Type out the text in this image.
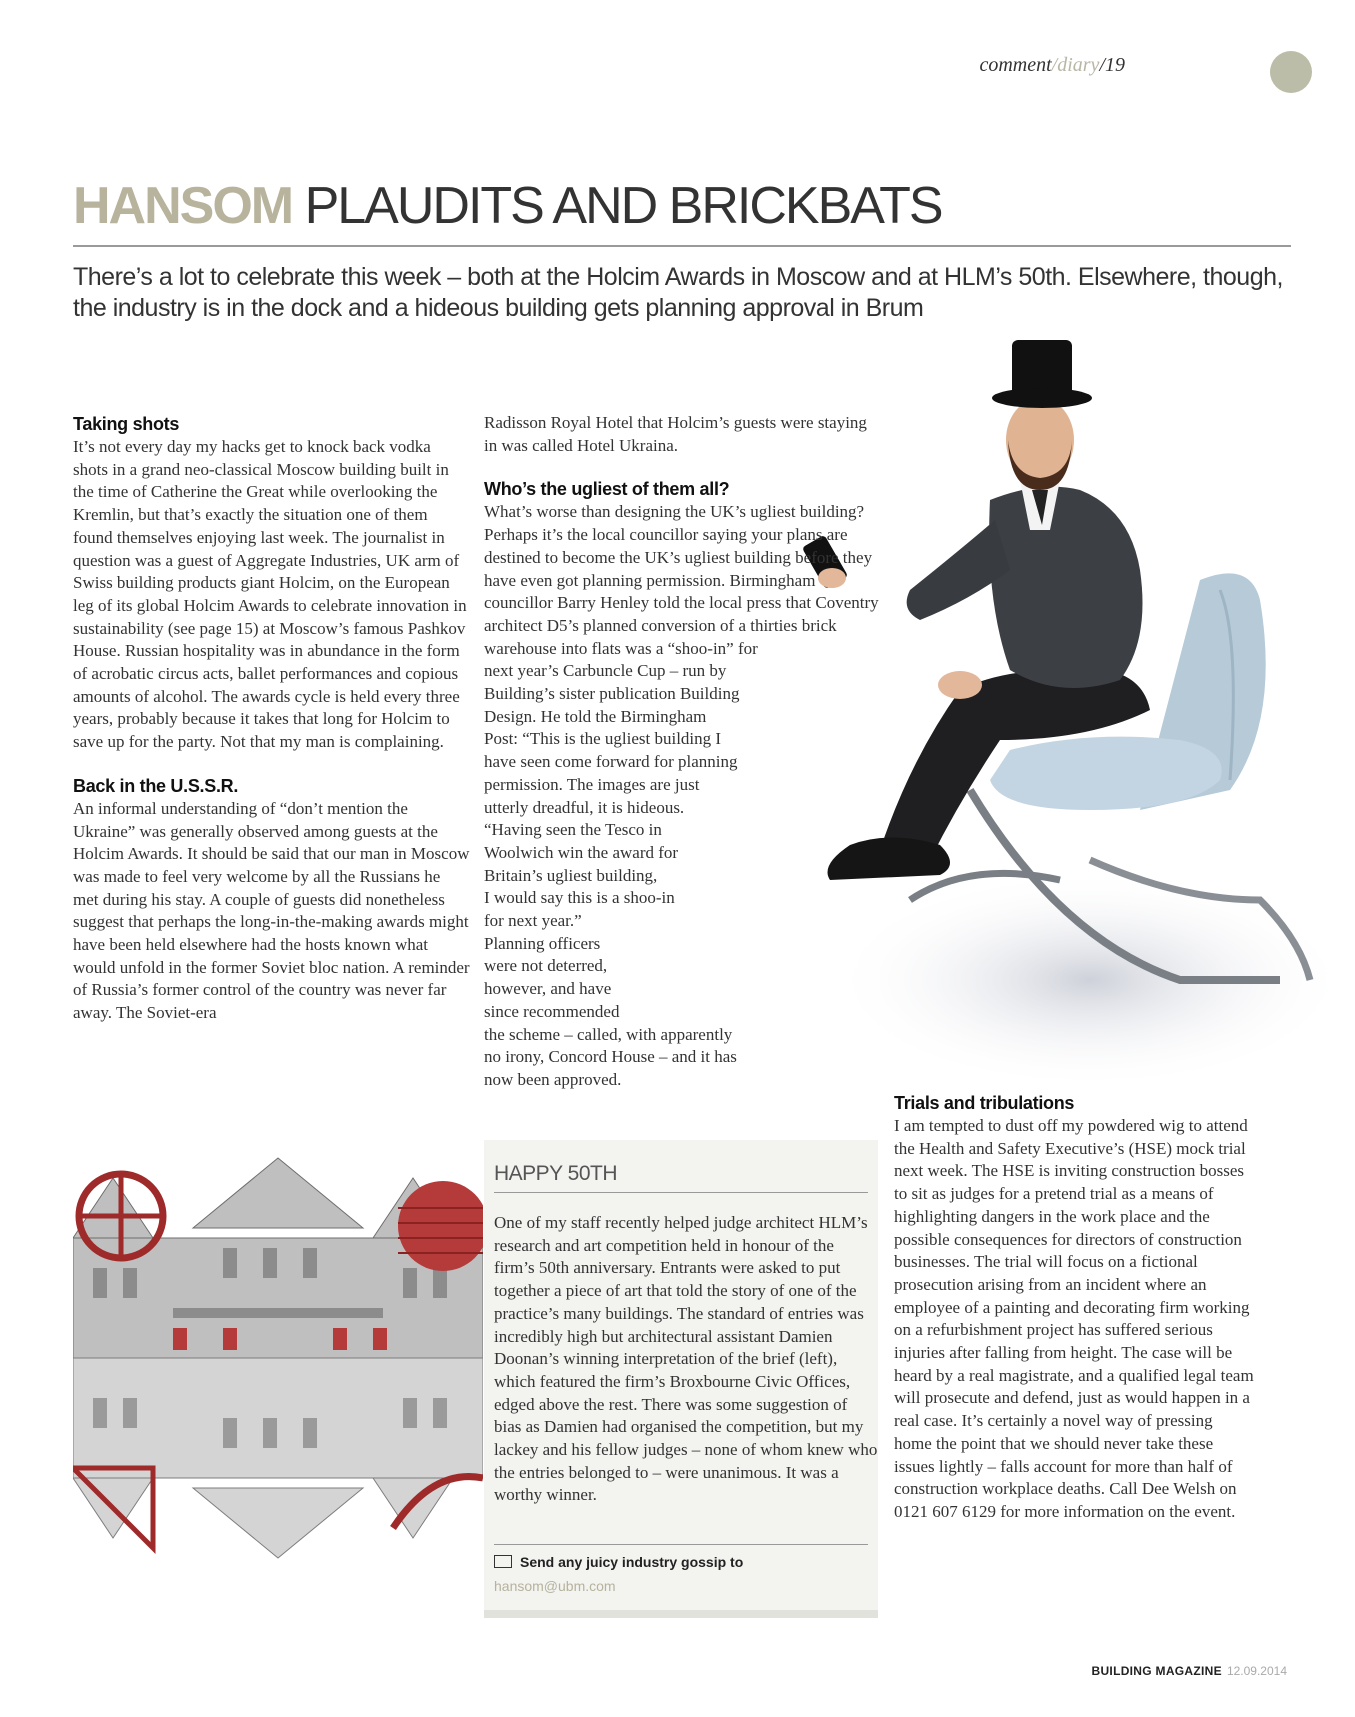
comment/diary/19
HANSOM PLAUDITS AND BRICKBATS
There’s a lot to celebrate this week – both at the Holcim Awards in Moscow and at HLM’s 50th. Elsewhere, though, the industry is in the dock and a hideous building gets planning approval in Brum
Taking shots

It’s not every day my hacks get to knock back vodka shots in a grand neo-classical Moscow building built in the time of Catherine the Great while overlooking the Kremlin, but that’s exactly the situation one of them found themselves enjoying last week. The journalist in question was a guest of Aggregate Industries, UK arm of Swiss building products giant Holcim, on the European leg of its global Holcim Awards to celebrate innovation in sustainability (see page 15) at Moscow’s famous Pashkov House. Russian hospitality was in abundance in the form of acrobatic circus acts, ballet performances and copious amounts of alcohol. The awards cycle is held every three years, probably because it takes that long for Holcim to save up for the party. Not that my man is complaining.

Back in the U.S.S.R.

An informal understanding of “don’t mention the Ukraine” was generally observed among guests at the Holcim Awards. It should be said that our man in Moscow was made to feel very welcome by all the Russians he met during his stay. A couple of guests did nonetheless suggest that perhaps the long-in-the-making awards might have been held elsewhere had the hosts known what would unfold in the former Soviet bloc nation. A reminder of Russia’s former control of the country was never far away. The Soviet-era

Radisson Royal Hotel that Holcim’s guests were staying in was called Hotel Ukraina.

Who’s the ugliest of them all?

What’s worse than designing the UK’s ugliest building? Perhaps it’s the local councillor saying your plans are destined to become the UK’s ugliest building before they have even got planning permission. Birmingham councillor Barry Henley told the local press that Coventry architect D5’s planned conversion of a thirties brick warehouse into flats was a “shoo-in” for

next year’s Carbuncle Cup – run by
Building’s sister publication Building
Design. He told the Birmingham
Post: “This is the ugliest building I
have seen come forward for planning
permission. The images are just
utterly dreadful, it is hideous.
“Having seen the Tesco in
Woolwich win the award for
Britain’s ugliest building,
I would say this is a shoo-in
for next year.”
Planning officers
were not deterred,
however, and have
since recommended
the scheme – called, with apparently
no irony, Concord House – and it has
now been approved.
HAPPY 50TH
One of my staff recently helped judge architect HLM’s research and art competition held in honour of the firm’s 50th anniversary. Entrants were asked to put together a piece of art that told the story of one of the practice’s many buildings. The standard of entries was incredibly high but architectural assistant Damien Doonan’s winning interpretation of the brief (left), which featured the firm’s Broxbourne Civic Offices, edged above the rest. There was some suggestion of bias as Damien had organised the competition, but my lackey and his fellow judges – none of whom knew who the entries belonged to – were unanimous. It was a worthy winner.
Send any juicy industry gossip to
hansom@ubm.com
Trials and tribulations

I am tempted to dust off my powdered wig to attend the Health and Safety Executive’s (HSE) mock trial next week. The HSE is inviting construction bosses to sit as judges for a pretend trial as a means of highlighting dangers in the work place and the possible consequences for directors of construction businesses. The trial will focus on a fictional prosecution arising from an incident where an employee of a painting and decorating firm working on a refurbishment project has suffered serious injuries after falling from height. The case will be heard by a real magistrate, and a qualified legal team will prosecute and defend, just as would happen in a real case. It’s certainly a novel way of pressing home the point that we should never take these issues lightly – falls account for more than half of construction workplace deaths. Call Dee Welsh on 0121 607 6129 for more information on the event.

BUILDING MAGAZINE 12.09.2014
